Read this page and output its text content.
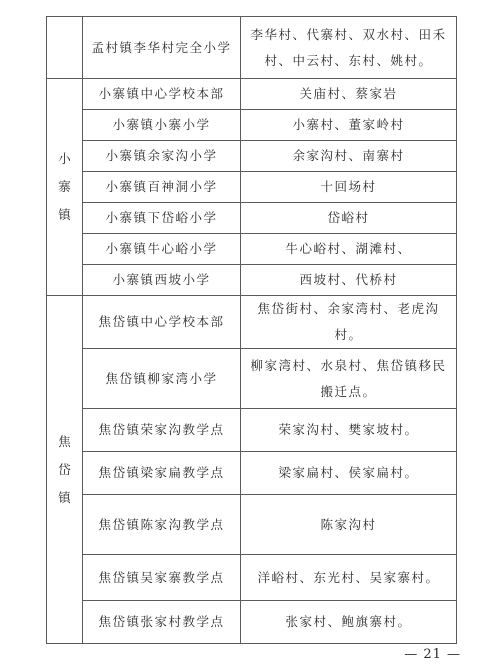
	孟村镇李华村完全小学	李华村、代寨村、双水村、田禾村、中云村、东村、姚村。

小
寨
镇	小寨镇中心学校本部	关庙村、蔡家岩
	小寨镇小寨小学	小寨村、董家岭村
	小寨镇余家沟小学	余家沟村、南寨村
	小寨镇百神洞小学	十回场村
	小寨镇下岱峪小学	岱峪村
	小寨镇牛心峪小学	牛心峪村、湖滩村、
	小寨镇西坡小学	西坡村、代桥村

焦
岱
镇	焦岱镇中心学校本部	焦岱街村、余家湾村、老虎沟村。
	焦岱镇柳家湾小学	柳家湾村、水泉村、焦岱镇移民搬迁点。
	焦岱镇荣家沟教学点	荣家沟村、樊家坡村。
	焦岱镇梁家扁教学点	梁家扁村、侯家扁村。
	焦岱镇陈家沟教学点	陈家沟村
	焦岱镇吴家寨教学点	洋峪村、东光村、吴家寨村。
	焦岱镇张家村教学点	张家村、鲍旗寨村。
— 21 —
